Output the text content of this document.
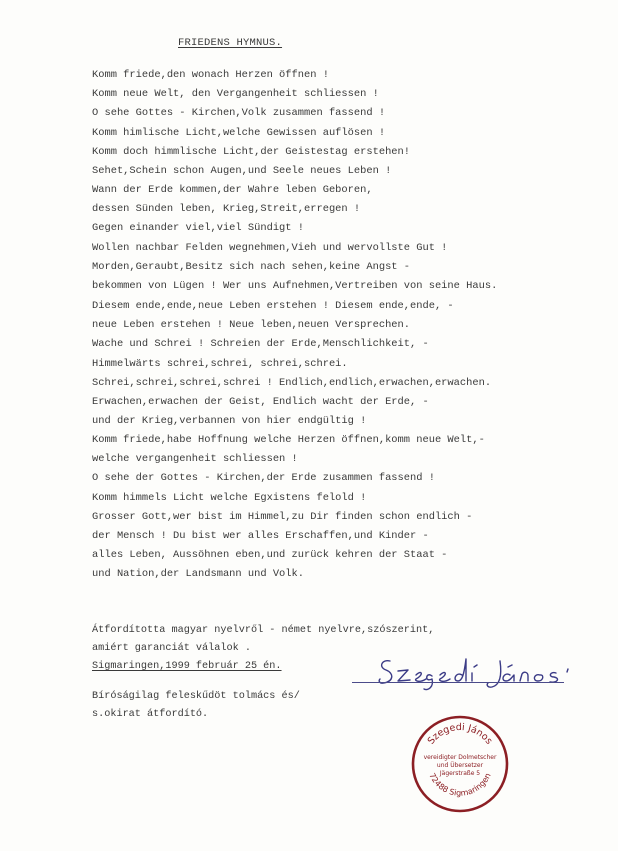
FRIEDENS HYMNUS.
Komm friede,den wonach Herzen öffnen !
Komm neue Welt, den Vergangenheit schliessen !
O sehe Gottes - Kirchen,Volk zusammen fassend !
Komm himlische Licht,welche Gewissen auflösen !
Komm doch himmlische Licht,der Geistestag erstehen!
Sehet,Schein schon Augen,und Seele neues Leben !
Wann der Erde kommen,der Wahre leben Geboren,
dessen Sünden leben, Krieg,Streit,erregen !
Gegen einander viel,viel Sündigt !
Wollen nachbar Felden wegnehmen,Vieh und wervollste Gut !
Morden,Geraubt,Besitz sich nach sehen,keine Angst -
bekommen von Lügen ! Wer uns Aufnehmen,Vertreiben von seine Haus.
Diesem ende,ende,neue Leben erstehen ! Diesem ende,ende, -
neue Leben erstehen ! Neue leben,neuen Versprechen.
Wache und Schrei ! Schreien der Erde,Menschlichkeit, -
Himmelwärts schrei,schrei, schrei,schrei.
Schrei,schrei,schrei,schrei ! Endlich,endlich,erwachen,erwachen.
Erwachen,erwachen der Geist, Endlich wacht der Erde, -
und der Krieg,verbannen von hier endgültig !
Komm friede,habe Hoffnung welche Herzen öffnen,komm neue Welt,-
welche vergangenheit schliessen !
O sehe der Gottes - Kirchen,der Erde zusammen fassend !
Komm himmels Licht welche Egxistens felold !
Grosser Gott,wer bist im Himmel,zu Dir finden schon endlich -
der Mensch ! Du bist wer alles Erschaffen,und Kinder -
alles Leben, Aussöhnen eben,und zurück kehren der Staat -
und Nation,der Landsmann und Volk.
Átfordította magyar nyelvről - német nyelvre,szószerint,
amiért garanciát válalok .
Sigmaringen,1999 február 25 én.
Bíróságilag feleskűdöt tolmács és/
s.okirat átfordító.
Szegedi János
vereidigter Dolmetscher
und Übersetzer
Jägerstraße 5
72488 Sigmaringen
